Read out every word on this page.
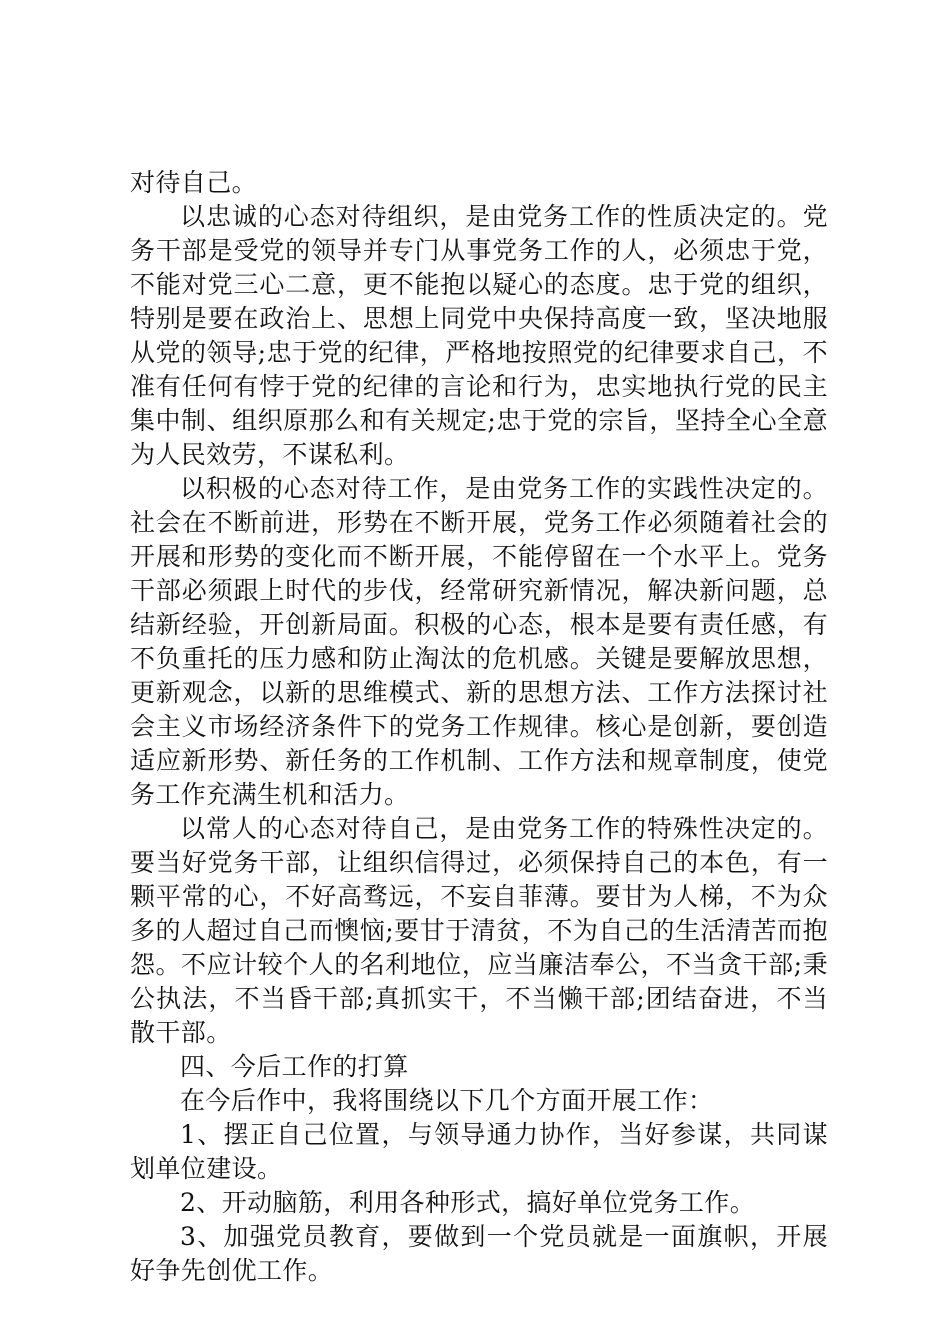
对待自己。

以忠诚的心态对待组织，是由党务工作的性质决定的。党务干部是受党的领导并专门从事党务工作的人，必须忠于党，不能对党三心二意，更不能抱以疑心的态度。忠于党的组织，特别是要在政治上、思想上同党中央保持高度一致，坚决地服从党的领导;忠于党的纪律，严格地按照党的纪律要求自己，不准有任何有悖于党的纪律的言论和行为，忠实地执行党的民主集中制、组织原那么和有关规定;忠于党的宗旨，坚持全心全意为人民效劳，不谋私利。

以积极的心态对待工作，是由党务工作的实践性决定的。社会在不断前进，形势在不断开展，党务工作必须随着社会的开展和形势的变化而不断开展，不能停留在一个水平上。党务干部必须跟上时代的步伐，经常研究新情况，解决新问题，总结新经验，开创新局面。积极的心态，根本是要有责任感，有不负重托的压力感和防止淘汰的危机感。关键是要解放思想，更新观念，以新的思维模式、新的思想方法、工作方法探讨社会主义市场经济条件下的党务工作规律。核心是创新，要创造适应新形势、新任务的工作机制、工作方法和规章制度，使党务工作充满生机和活力。

以常人的心态对待自己，是由党务工作的特殊性决定的。要当好党务干部，让组织信得过，必须保持自己的本色，有一颗平常的心，不好高骛远，不妄自菲薄。要甘为人梯，不为众多的人超过自己而懊恼;要甘于清贫，不为自己的生活清苦而抱怨。不应计较个人的名利地位，应当廉洁奉公，不当贪干部;秉公执法，不当昏干部;真抓实干，不当懒干部;团结奋进，不当散干部。

四、今后工作的打算

在今后作中，我将围绕以下几个方面开展工作：

1、摆正自己位置，与领导通力协作，当好参谋，共同谋划单位建设。

2、开动脑筋，利用各种形式，搞好单位党务工作。

3、加强党员教育，要做到一个党员就是一面旗帜，开展好争先创优工作。
